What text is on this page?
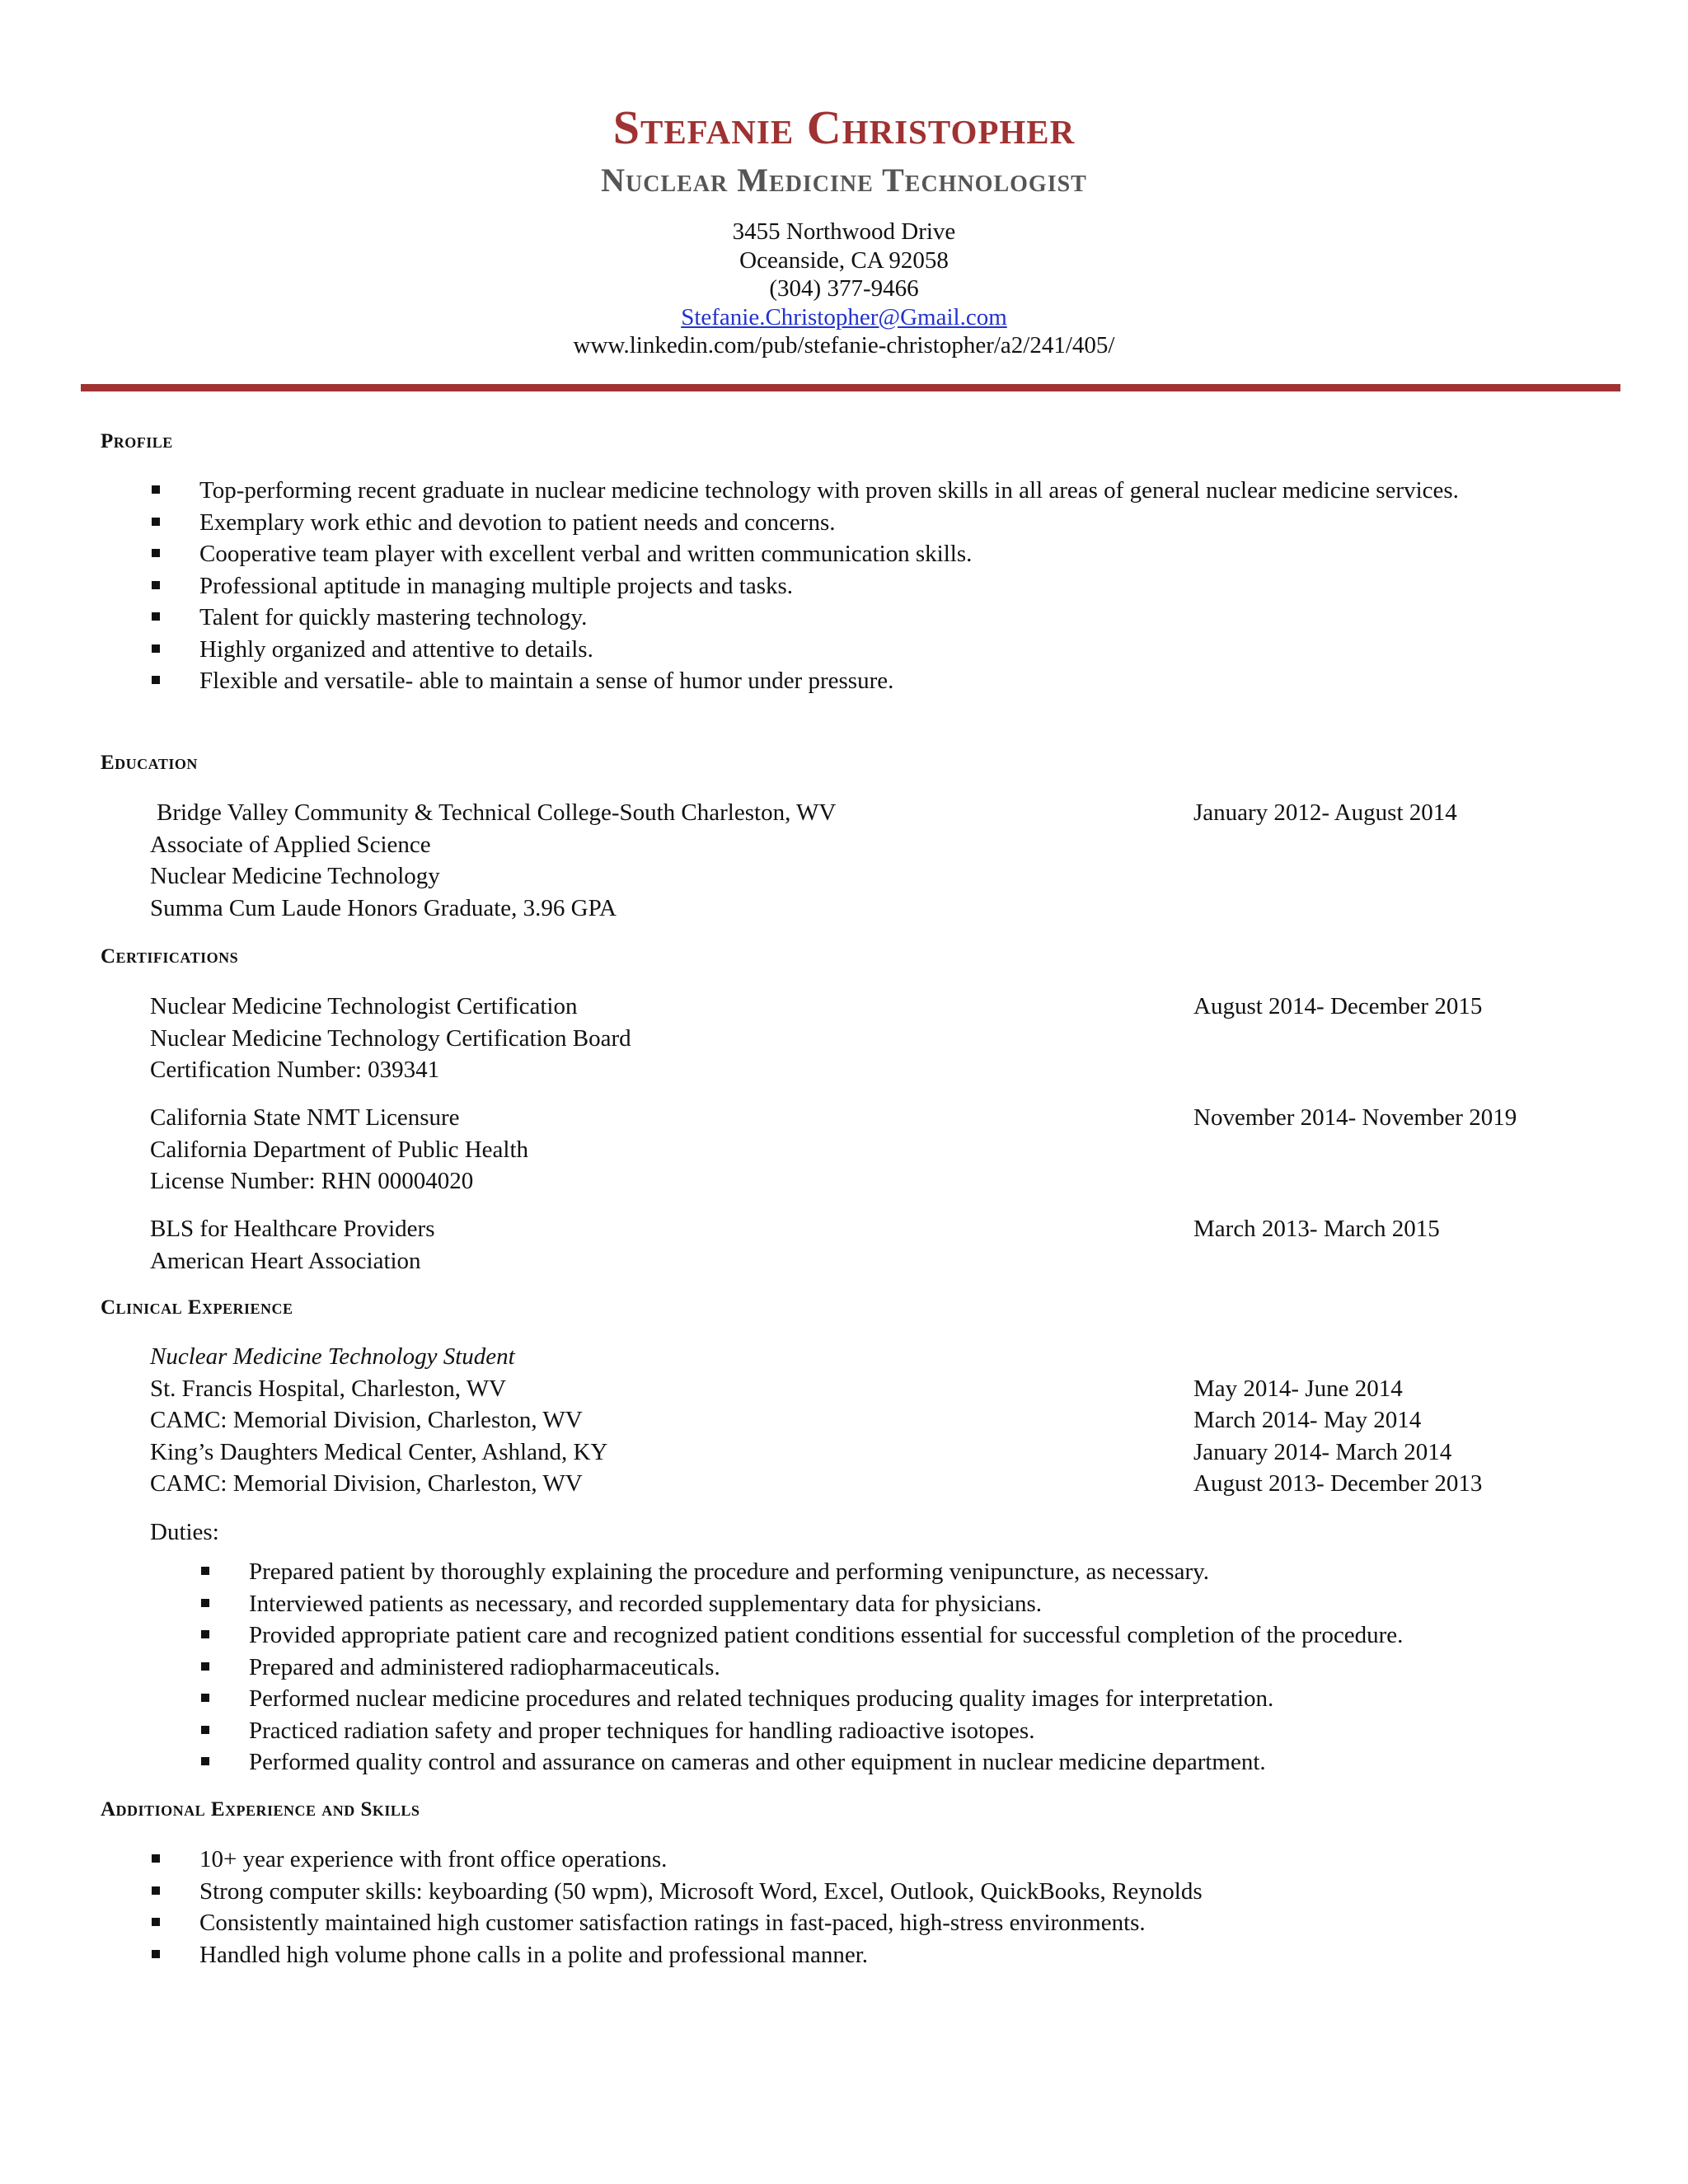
Stefanie Christopher
Nuclear Medicine Technologist
3455 Northwood Drive
Oceanside, CA 92058
(304) 377-9466
Stefanie.Christopher@Gmail.com
www.linkedin.com/pub/stefanie-christopher/a2/241/405/
Profile
Top-performing recent graduate in nuclear medicine technology with proven skills in all areas of general nuclear medicine services.
Exemplary work ethic and devotion to patient needs and concerns.
Cooperative team player with excellent verbal and written communication skills.
Professional aptitude in managing multiple projects and tasks.
Talent for quickly mastering technology.
Highly organized and attentive to details.
Flexible and versatile- able to maintain a sense of humor under pressure.
Education
Bridge Valley Community & Technical College-South Charleston, WV	January 2012- August 2014
Associate of Applied Science
Nuclear Medicine Technology
Summa Cum Laude Honors Graduate, 3.96 GPA
Certifications
Nuclear Medicine Technologist Certification	August 2014- December 2015
Nuclear Medicine Technology Certification Board
Certification Number: 039341
California State NMT Licensure	November 2014- November 2019
California Department of Public Health
License Number: RHN 00004020
BLS for Healthcare Providers	March 2013- March 2015
American Heart Association
Clinical Experience
Nuclear Medicine Technology Student
St. Francis Hospital, Charleston, WV	May 2014- June 2014
CAMC: Memorial Division, Charleston, WV	March 2014- May 2014
King’s Daughters Medical Center, Ashland, KY	January 2014- March 2014
CAMC: Memorial Division, Charleston, WV	August 2013- December 2013
Duties:
Prepared patient by thoroughly explaining the procedure and performing venipuncture, as necessary.
Interviewed patients as necessary, and recorded supplementary data for physicians.
Provided appropriate patient care and recognized patient conditions essential for successful completion of the procedure.
Prepared and administered radiopharmaceuticals.
Performed nuclear medicine procedures and related techniques producing quality images for interpretation.
Practiced radiation safety and proper techniques for handling radioactive isotopes.
Performed quality control and assurance on cameras and other equipment in nuclear medicine department.
Additional Experience and Skills
10+ year experience with front office operations.
Strong computer skills: keyboarding (50 wpm), Microsoft Word, Excel, Outlook, QuickBooks, Reynolds
Consistently maintained high customer satisfaction ratings in fast-paced, high-stress environments.
Handled high volume phone calls in a polite and professional manner.
